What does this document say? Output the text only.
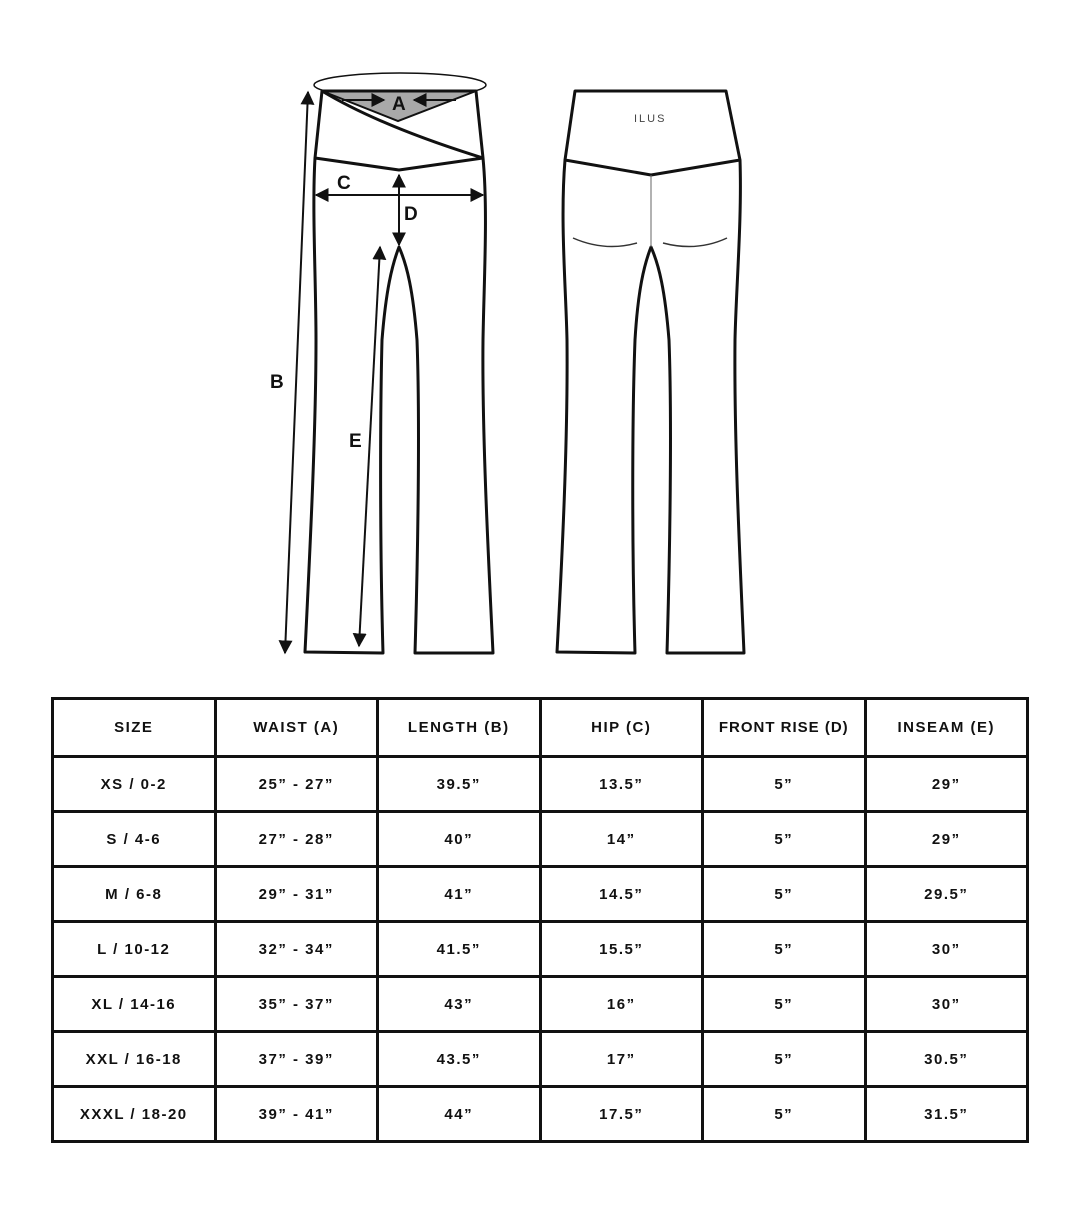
A
C
D
B
E
ILUS
SIZE	WAIST (A)	LENGTH (B)	HIP (C)	FRONT RISE (D)	INSEAM (E)
XS / 0-2	25” - 27”	39.5”	13.5”	5”	29”
S / 4-6	27” - 28”	40”	14”	5”	29”
M / 6-8	29” - 31”	41”	14.5”	5”	29.5”
L / 10-12	32” - 34”	41.5”	15.5”	5”	30”
XL / 14-16	35” - 37”	43”	16”	5”	30”
XXL / 16-18	37” - 39”	43.5”	17”	5”	30.5”
XXXL / 18-20	39” - 41”	44”	17.5”	5”	31.5”
